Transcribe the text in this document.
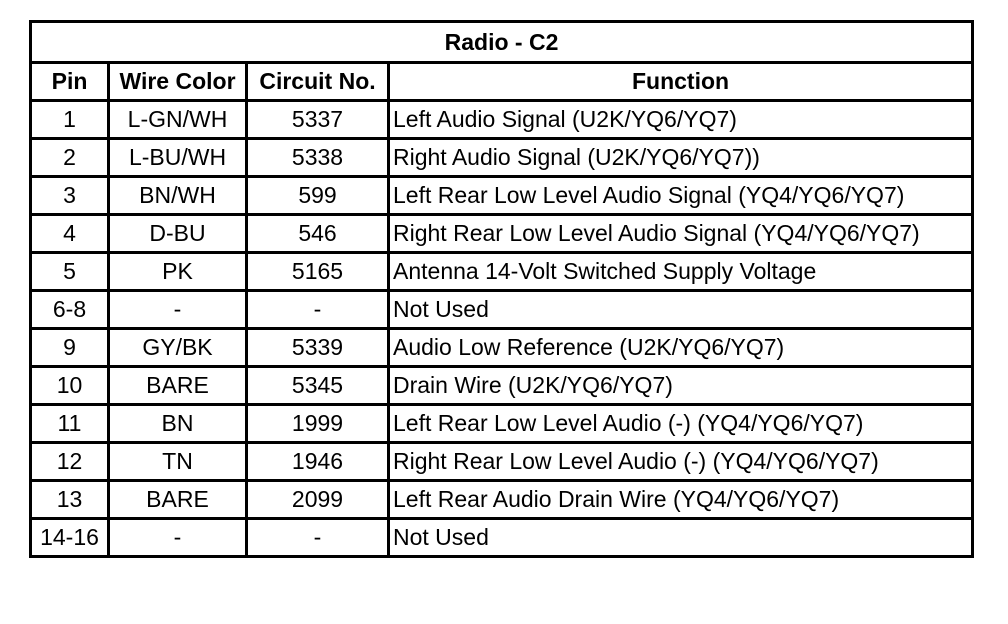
Radio - C2			
Pin	Wire Color	Circuit No.	Function
1	L-GN/WH	5337	Left Audio Signal (U2K/YQ6/YQ7)
2	L-BU/WH	5338	Right Audio Signal (U2K/YQ6/YQ7))
3	BN/WH	599	Left Rear Low Level Audio Signal (YQ4/YQ6/YQ7)
4	D-BU	546	Right Rear Low Level Audio Signal (YQ4/YQ6/YQ7)
5	PK	5165	Antenna 14-Volt Switched Supply Voltage
6-8	-	-	Not Used
9	GY/BK	5339	Audio Low Reference (U2K/YQ6/YQ7)
10	BARE	5345	Drain Wire (U2K/YQ6/YQ7)
11	BN	1999	Left Rear Low Level Audio (-) (YQ4/YQ6/YQ7)
12	TN	1946	Right Rear Low Level Audio (-) (YQ4/YQ6/YQ7)
13	BARE	2099	Left Rear Audio Drain Wire (YQ4/YQ6/YQ7)
14-16	-	-	Not Used
